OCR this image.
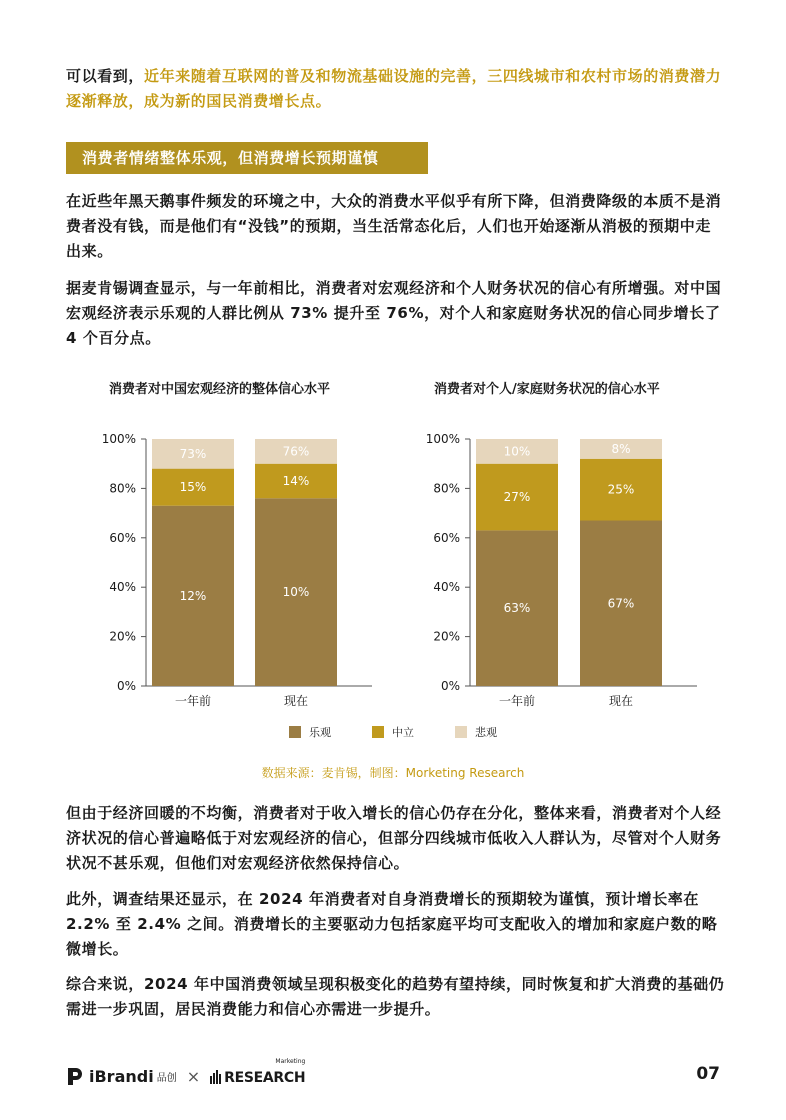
可以看到，近年来随着互联网的普及和物流基础设施的完善，三四线城市和农村市场的消费潜力逐渐释放，成为新的国民消费增长点。

消费者情绪整体乐观，但消费增长预期谨慎

在近些年黑天鹅事件频发的环境之中，大众的消费水平似乎有所下降，但消费降级的本质不是消费者没有钱，而是他们有“没钱”的预期，当生活常态化后，人们也开始逐渐从消极的预期中走出来。

据麦肯锡调查显示，与一年前相比，消费者对宏观经济和个人财务状况的信心有所增强。对中国宏观经济表示乐观的人群比例从 73% 提升至 76%，对个人和家庭财务状况的信心同步增长了 4 个百分点。

消费者对中国宏观经济的整体信心水平	消费者对个人/家庭财务状况的信心水平
0%
20%
40%
60%
80%
100%
一年前
12%
15%
73%
现在
10%
14%
76%
0%
20%
40%
60%
80%
100%
一年前
63%
27%
10%
现在
67%
25%
8%
乐观	中立	悲观
数据来源：麦肯锡，制图：Morketing Research

但由于经济回暖的不均衡，消费者对于收入增长的信心仍存在分化，整体来看，消费者对个人经济状况的信心普遍略低于对宏观经济的信心，但部分四线城市低收入人群认为，尽管对个人财务状况不甚乐观，但他们对宏观经济依然保持信心。

此外，调查结果还显示，在 2024 年消费者对自身消费增长的预期较为谨慎，预计增长率在 2.2% 至 2.4% 之间。消费增长的主要驱动力包括家庭平均可支配收入的增加和家庭户数的略微增长。

综合来说，2024 年中国消费领域呈现积极变化的趋势有望持续，同时恢复和扩大消费的基础仍需进一步巩固，居民消费能力和信心亦需进一步提升。

iBrandi 品创 ×
Marketing
RESEARCH	07
